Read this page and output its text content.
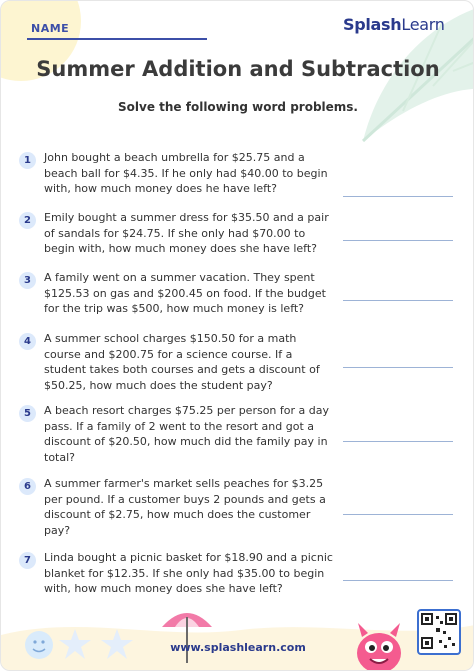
NAME	SplashLearn
Summer Addition and Subtraction
Solve the following word problems.
1	John bought a beach umbrella for $25.75 and a beach ball for $4.35. If he only had $40.00 to begin with, how much money does he have left?
2	Emily bought a summer dress for $35.50 and a pair of sandals for $24.75. If she only had $70.00 to begin with, how much money does she have left?
3	A family went on a summer vacation. They spent $125.53 on gas and $200.45 on food. If the budget for the trip was $500, how much money is left?
4	A summer school charges $150.50 for a math course and $200.75 for a science course. If a student takes both courses and gets a discount of $50.25, how much does the student pay?
5	A beach resort charges $75.25 per person for a day pass. If a family of 2 went to the resort and got a discount of $20.50, how much did the family pay in total?
6	A summer farmer's market sells peaches for $3.25 per pound. If a customer buys 2 pounds and gets a discount of $2.75, how much does the customer pay?
7	Linda bought a picnic basket for $18.90 and a picnic blanket for $12.35. If she only had $35.00 to begin with, how much money does she have left?
www.splashlearn.com
